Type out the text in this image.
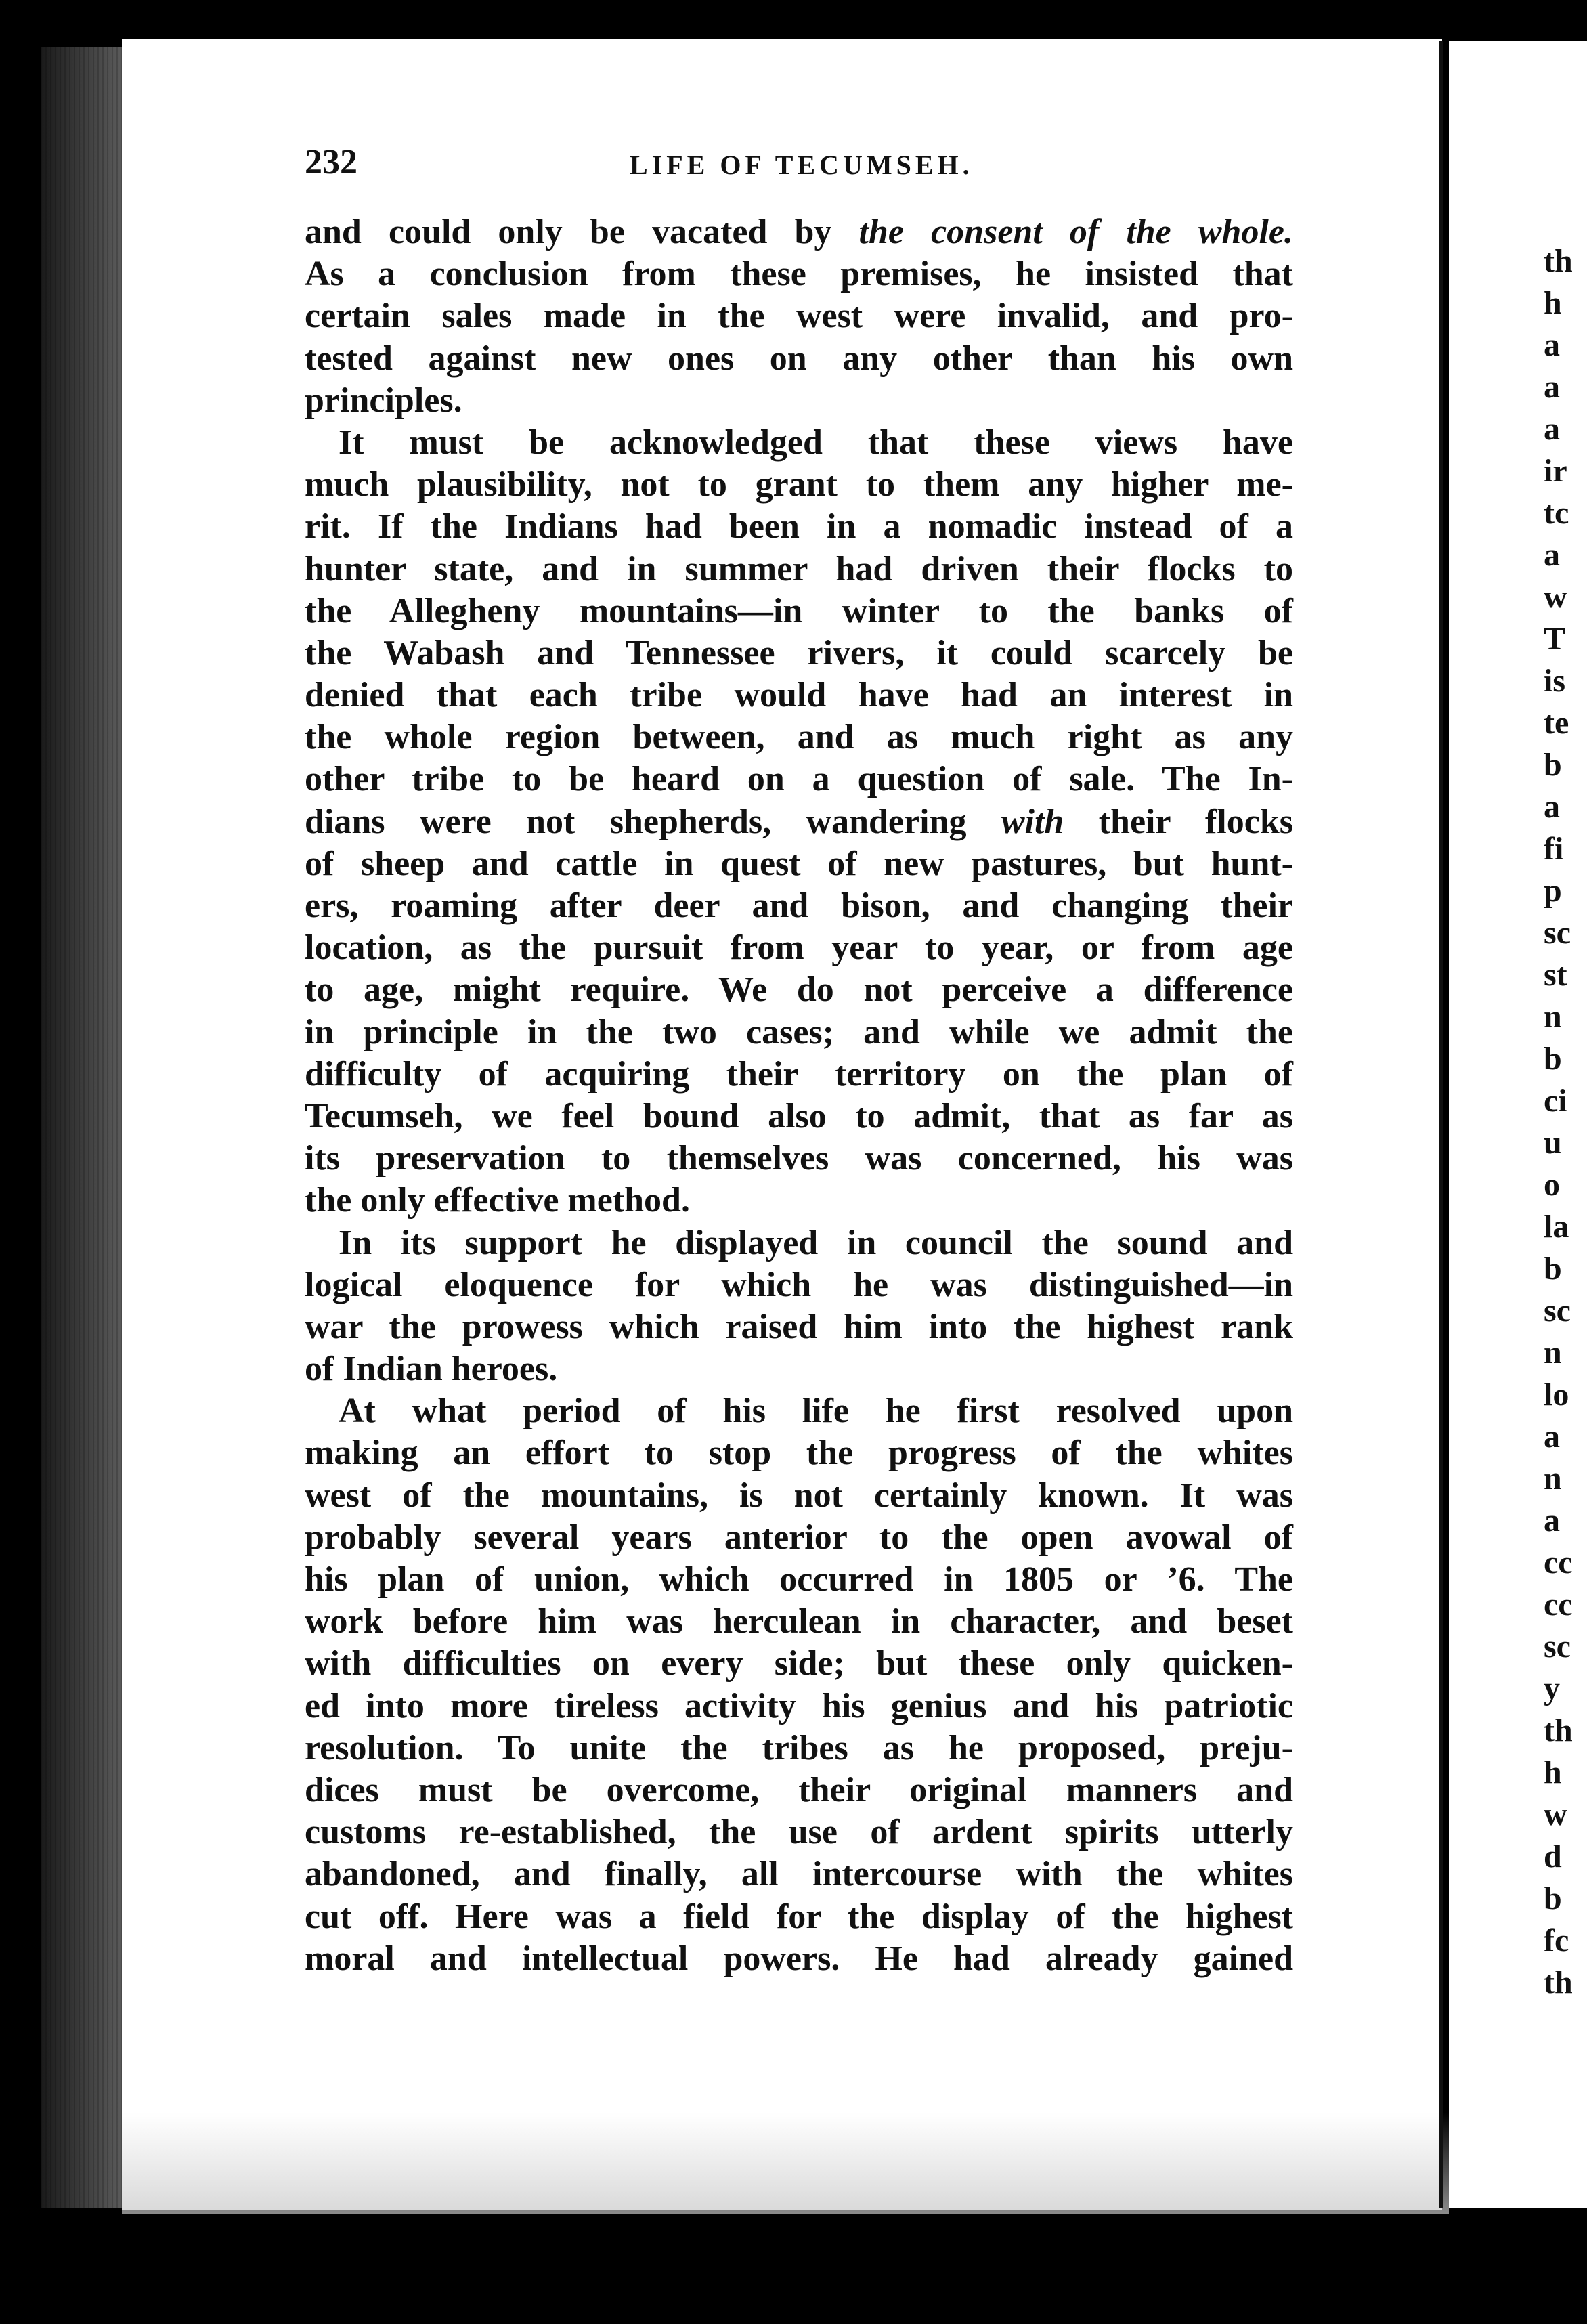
232	LIFE OF TECUMSEH.
and could only be vacated by the consent of the whole.
As a conclusion from these premises, he insisted that
certain sales made in the west were invalid, and pro-
tested against new ones on any other than his own
principles.
It must be acknowledged that these views have
much plausibility, not to grant to them any higher me-
rit. If the Indians had been in a nomadic instead of a
hunter state, and in summer had driven their flocks to
the Allegheny mountains—in winter to the banks of
the Wabash and Tennessee rivers, it could scarcely be
denied that each tribe would have had an interest in
the whole region between, and as much right as any
other tribe to be heard on a question of sale. The In-
dians were not shepherds, wandering with their flocks
of sheep and cattle in quest of new pastures, but hunt-
ers, roaming after deer and bison, and changing their
location, as the pursuit from year to year, or from age
to age, might require. We do not perceive a difference
in principle in the two cases; and while we admit the
difficulty of acquiring their territory on the plan of
Tecumseh, we feel bound also to admit, that as far as
its preservation to themselves was concerned, his was
the only effective method.
In its support he displayed in council the sound and
logical eloquence for which he was distinguished—in
war the prowess which raised him into the highest rank
of Indian heroes.
At what period of his life he first resolved upon
making an effort to stop the progress of the whites
west of the mountains, is not certainly known. It was
probably several years anterior to the open avowal of
his plan of union, which occurred in 1805 or ’6. The
work before him was herculean in character, and beset
with difficulties on every side; but these only quicken-
ed into more tireless activity his genius and his patriotic
resolution. To unite the tribes as he proposed, preju-
dices must be overcome, their original manners and
customs re-established, the use of ardent spirits utterly
abandoned, and finally, all intercourse with the whites
cut off. Here was a field for the display of the highest
moral and intellectual powers. He had already gained
th
h
a
a
a
ir
tc
a
w
T
is
te
b
a
fi
p
sc
st
n
b
ci
u
o
la
b
sc
n
lo
a
n
a
cc
cc
sc
y
th
h
w
d
b
fc
th
